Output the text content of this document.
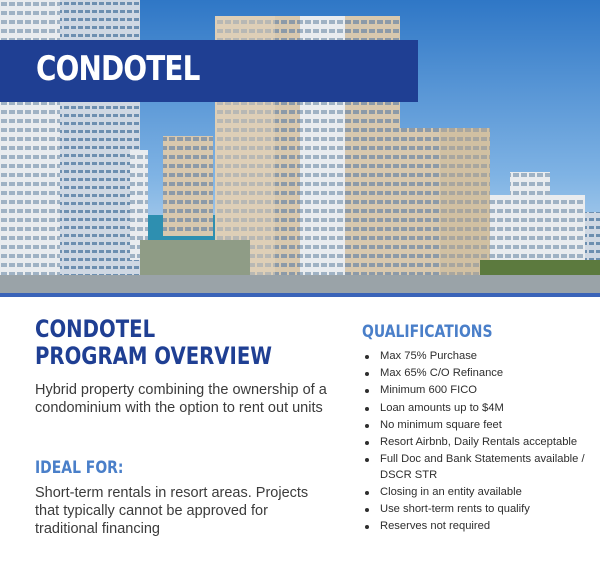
CONDOTEL
CONDOTEL
PROGRAM OVERVIEW
Hybrid property combining the ownership of a condominium with the option to rent out units
IDEAL FOR:
Short-term rentals in resort areas. Projects that typically cannot be approved for traditional financing
QUALIFICATIONS
Max 75% Purchase
Max 65% C/O Refinance
Minimum 600 FICO
Loan amounts up to $4M
No minimum square feet
Resort Airbnb, Daily Rentals acceptable
Full Doc and Bank Statements available / DSCR STR
Closing in an entity available
Use short-term rents to qualify
Reserves not required
